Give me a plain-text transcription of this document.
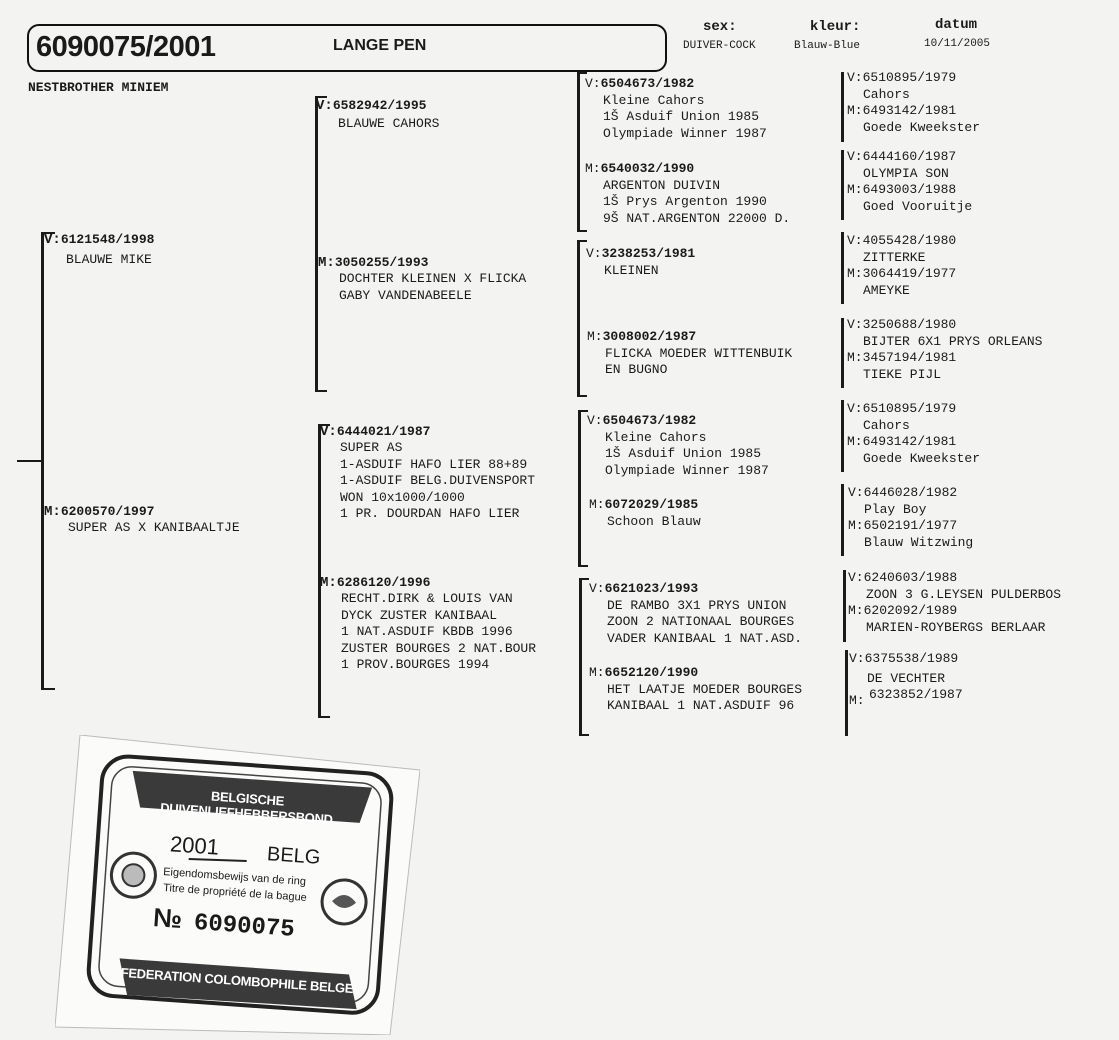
6090075/2001	LANGE PEN
sex:
DUIVER-COCK
kleur:
Blauw-Blue
datum
10/11/2005
NESTBROTHER MINIEM
V:6121548/1998
BLAUWE MIKE
M:6200570/1997
SUPER AS X KANIBAALTJE
V:6582942/1995
BLAUWE CAHORS
M:3050255/1993
DOCHTER KLEINEN X FLICKA
GABY VANDENABEELE
V:6444021/1987
SUPER AS
1-ASDUIF HAFO LIER 88+89
1-ASDUIF BELG.DUIVENSPORT
WON 10x1000/1000
1 PR. DOURDAN HAFO LIER
M:6286120/1996
RECHT.DIRK & LOUIS VAN
DYCK ZUSTER KANIBAAL
1 NAT.ASDUIF KBDB 1996
ZUSTER BOURGES 2 NAT.BOUR
1 PROV.BOURGES 1994
V:6504673/1982
Kleine Cahors
1Š Asduif Union 1985
Olympiade Winner 1987
M:6540032/1990
ARGENTON DUIVIN
1Š Prys Argenton 1990
9Š NAT.ARGENTON 22000 D.
V:3238253/1981
KLEINEN
M:3008002/1987
FLICKA MOEDER WITTENBUIK
EN BUGNO
V:6504673/1982
Kleine Cahors
1Š Asduif Union 1985
Olympiade Winner 1987
M:6072029/1985
Schoon Blauw
V:6621023/1993
DE RAMBO 3X1 PRYS UNION
ZOON 2 NATIONAAL BOURGES
VADER KANIBAAL 1 NAT.ASD.
M:6652120/1990
HET LAATJE MOEDER BOURGES
KANIBAAL 1 NAT.ASDUIF 96
V:6510895/1979
Cahors
M:6493142/1981
Goede Kweekster
V:6444160/1987
OLYMPIA SON
M:6493003/1988
Goed Vooruitje
V:4055428/1980
ZITTERKE
M:3064419/1977
AMEYKE
V:3250688/1980
BIJTER 6X1 PRYS ORLEANS
M:3457194/1981
TIEKE PIJL
V:6510895/1979
Cahors
M:6493142/1981
Goede Kweekster
V:6446028/1982
Play Boy
M:6502191/1977
Blauw Witzwing
V:6240603/1988
ZOON 3 G.LEYSEN PULDERBOS
M:6202092/1989
MARIEN-ROYBERGS BERLAAR
V:6375538/1989
DE VECHTER
M: 6323852/1987
BELGISCHE DUIVENLIEFHEBBERSBOND
2001 BELG
Eigendomsbewijs van de ring
Titre de propriété de la bague
№ 6090075
FEDERATION COLOMBOPHILE BELGE
